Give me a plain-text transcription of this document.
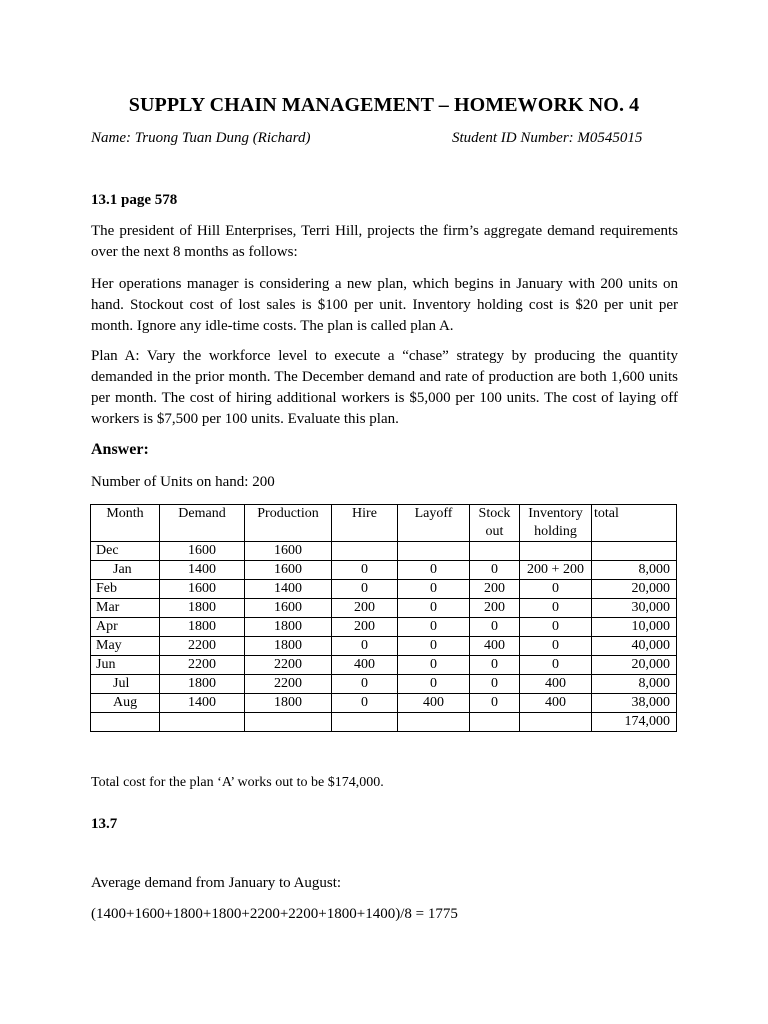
SUPPLY CHAIN MANAGEMENT – HOMEWORK NO. 4
Name: Truong Tuan Dung (Richard)	Student ID Number: M0545015
13.1 page 578
The president of Hill Enterprises, Terri Hill, projects the firm’s aggregate demand requirements over the next 8 months as follows:
Her operations manager is considering a new plan, which begins in January with 200 units on hand. Stockout cost of lost sales is $100 per unit. Inventory holding cost is $20 per unit per month. Ignore any idle-time costs. The plan is called plan A.
Plan A: Vary the workforce level to execute a “chase” strategy by producing the quantity demanded in the prior month. The December demand and rate of production are both 1,600 units per month. The cost of hiring additional workers is $5,000 per 100 units. The cost of laying off workers is $7,500 per 100 units. Evaluate this plan.
Answer:
Number of Units on hand: 200
Month	Demand	Production	Hire	Layoff	Stock out	Inventory holding	total
Dec	1600	1600					
Jan	1400	1600	0	0	0	200 + 200	8,000
Feb	1600	1400	0	0	200	0	20,000
Mar	1800	1600	200	0	200	0	30,000
Apr	1800	1800	200	0	0	0	10,000
May	2200	1800	0	0	400	0	40,000
Jun	2200	2200	400	0	0	0	20,000
Jul	1800	2200	0	0	0	400	8,000
Aug	1400	1800	0	400	0	400	38,000
							174,000
Total cost for the plan ‘A’ works out to be $174,000.
13.7
Average demand from January to August:
(1400+1600+1800+1800+2200+2200+1800+1400)/8 = 1775
